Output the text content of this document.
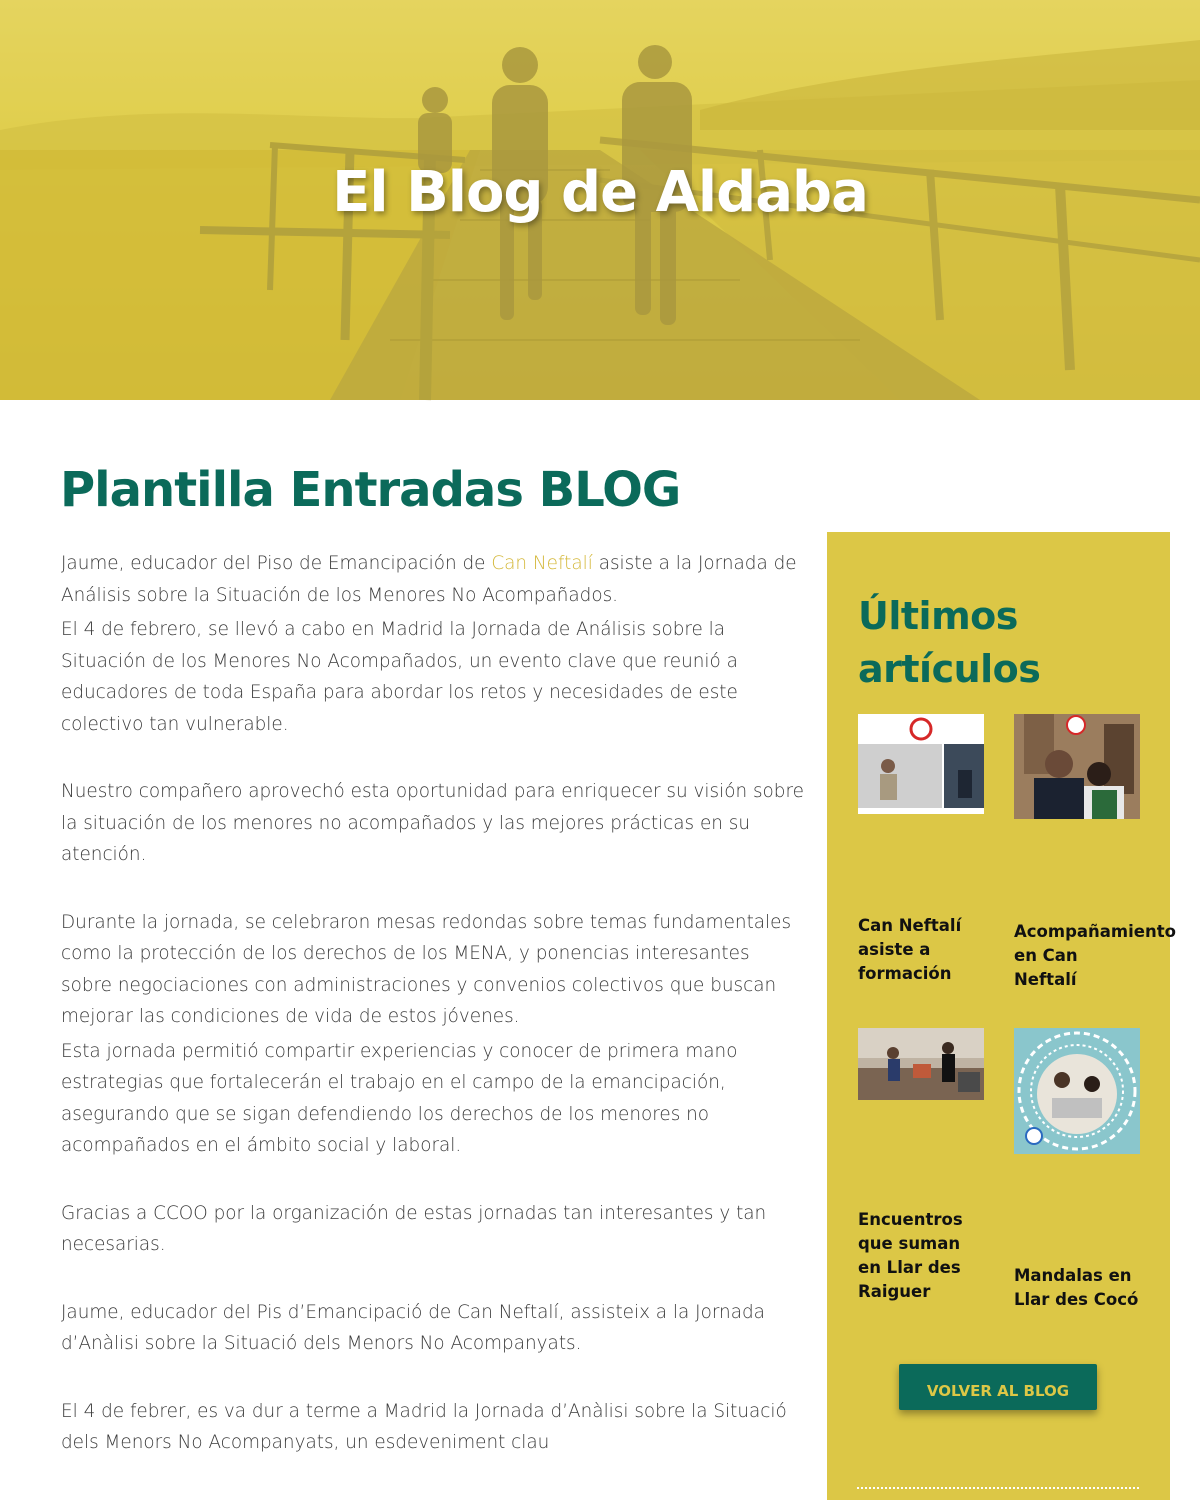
El Blog de Aldaba
Plantilla Entradas BLOG

Jaume, educador del Piso de Emancipación de Can Neftalí asiste a la Jornada de Análisis sobre la Situación de los Menores No Acompañados.

El 4 de febrero, se llevó a cabo en Madrid la Jornada de Análisis sobre la Situación de los Menores No Acompañados, un evento clave que reunió a educadores de toda España para abordar los retos y necesidades de este colectivo tan vulnerable.

Nuestro compañero aprovechó esta oportunidad para enriquecer su visión sobre la situación de los menores no acompañados y las mejores prácticas en su atención.

Durante la jornada, se celebraron mesas redondas sobre temas fundamentales como la protección de los derechos de los MENA, y ponencias interesantes sobre negociaciones con administraciones y convenios colectivos que buscan mejorar las condiciones de vida de estos jóvenes.

Esta jornada permitió compartir experiencias y conocer de primera mano estrategias que fortalecerán el trabajo en el campo de la emancipación, asegurando que se sigan defendiendo los derechos de los menores no acompañados en el ámbito social y laboral.

Gracias a CCOO por la organización de estas jornadas tan interesantes y tan necesarias.

Jaume, educador del Pis d’Emancipació de Can Neftalí, assisteix a la Jornada d’Anàlisi sobre la Situació dels Menors No Acompanyats.

El 4 de febrer, es va dur a terme a Madrid la Jornada d’Anàlisi sobre la Situació dels Menors No Acompanyats, un esdeveniment clau

Últimos artículos
Can Neftalí asiste a formación
Acompañamiento en Can Neftalí
Encuentros que suman en Llar des Raiguer
Mandalas en Llar des Cocó
VOLVER AL BLOG
